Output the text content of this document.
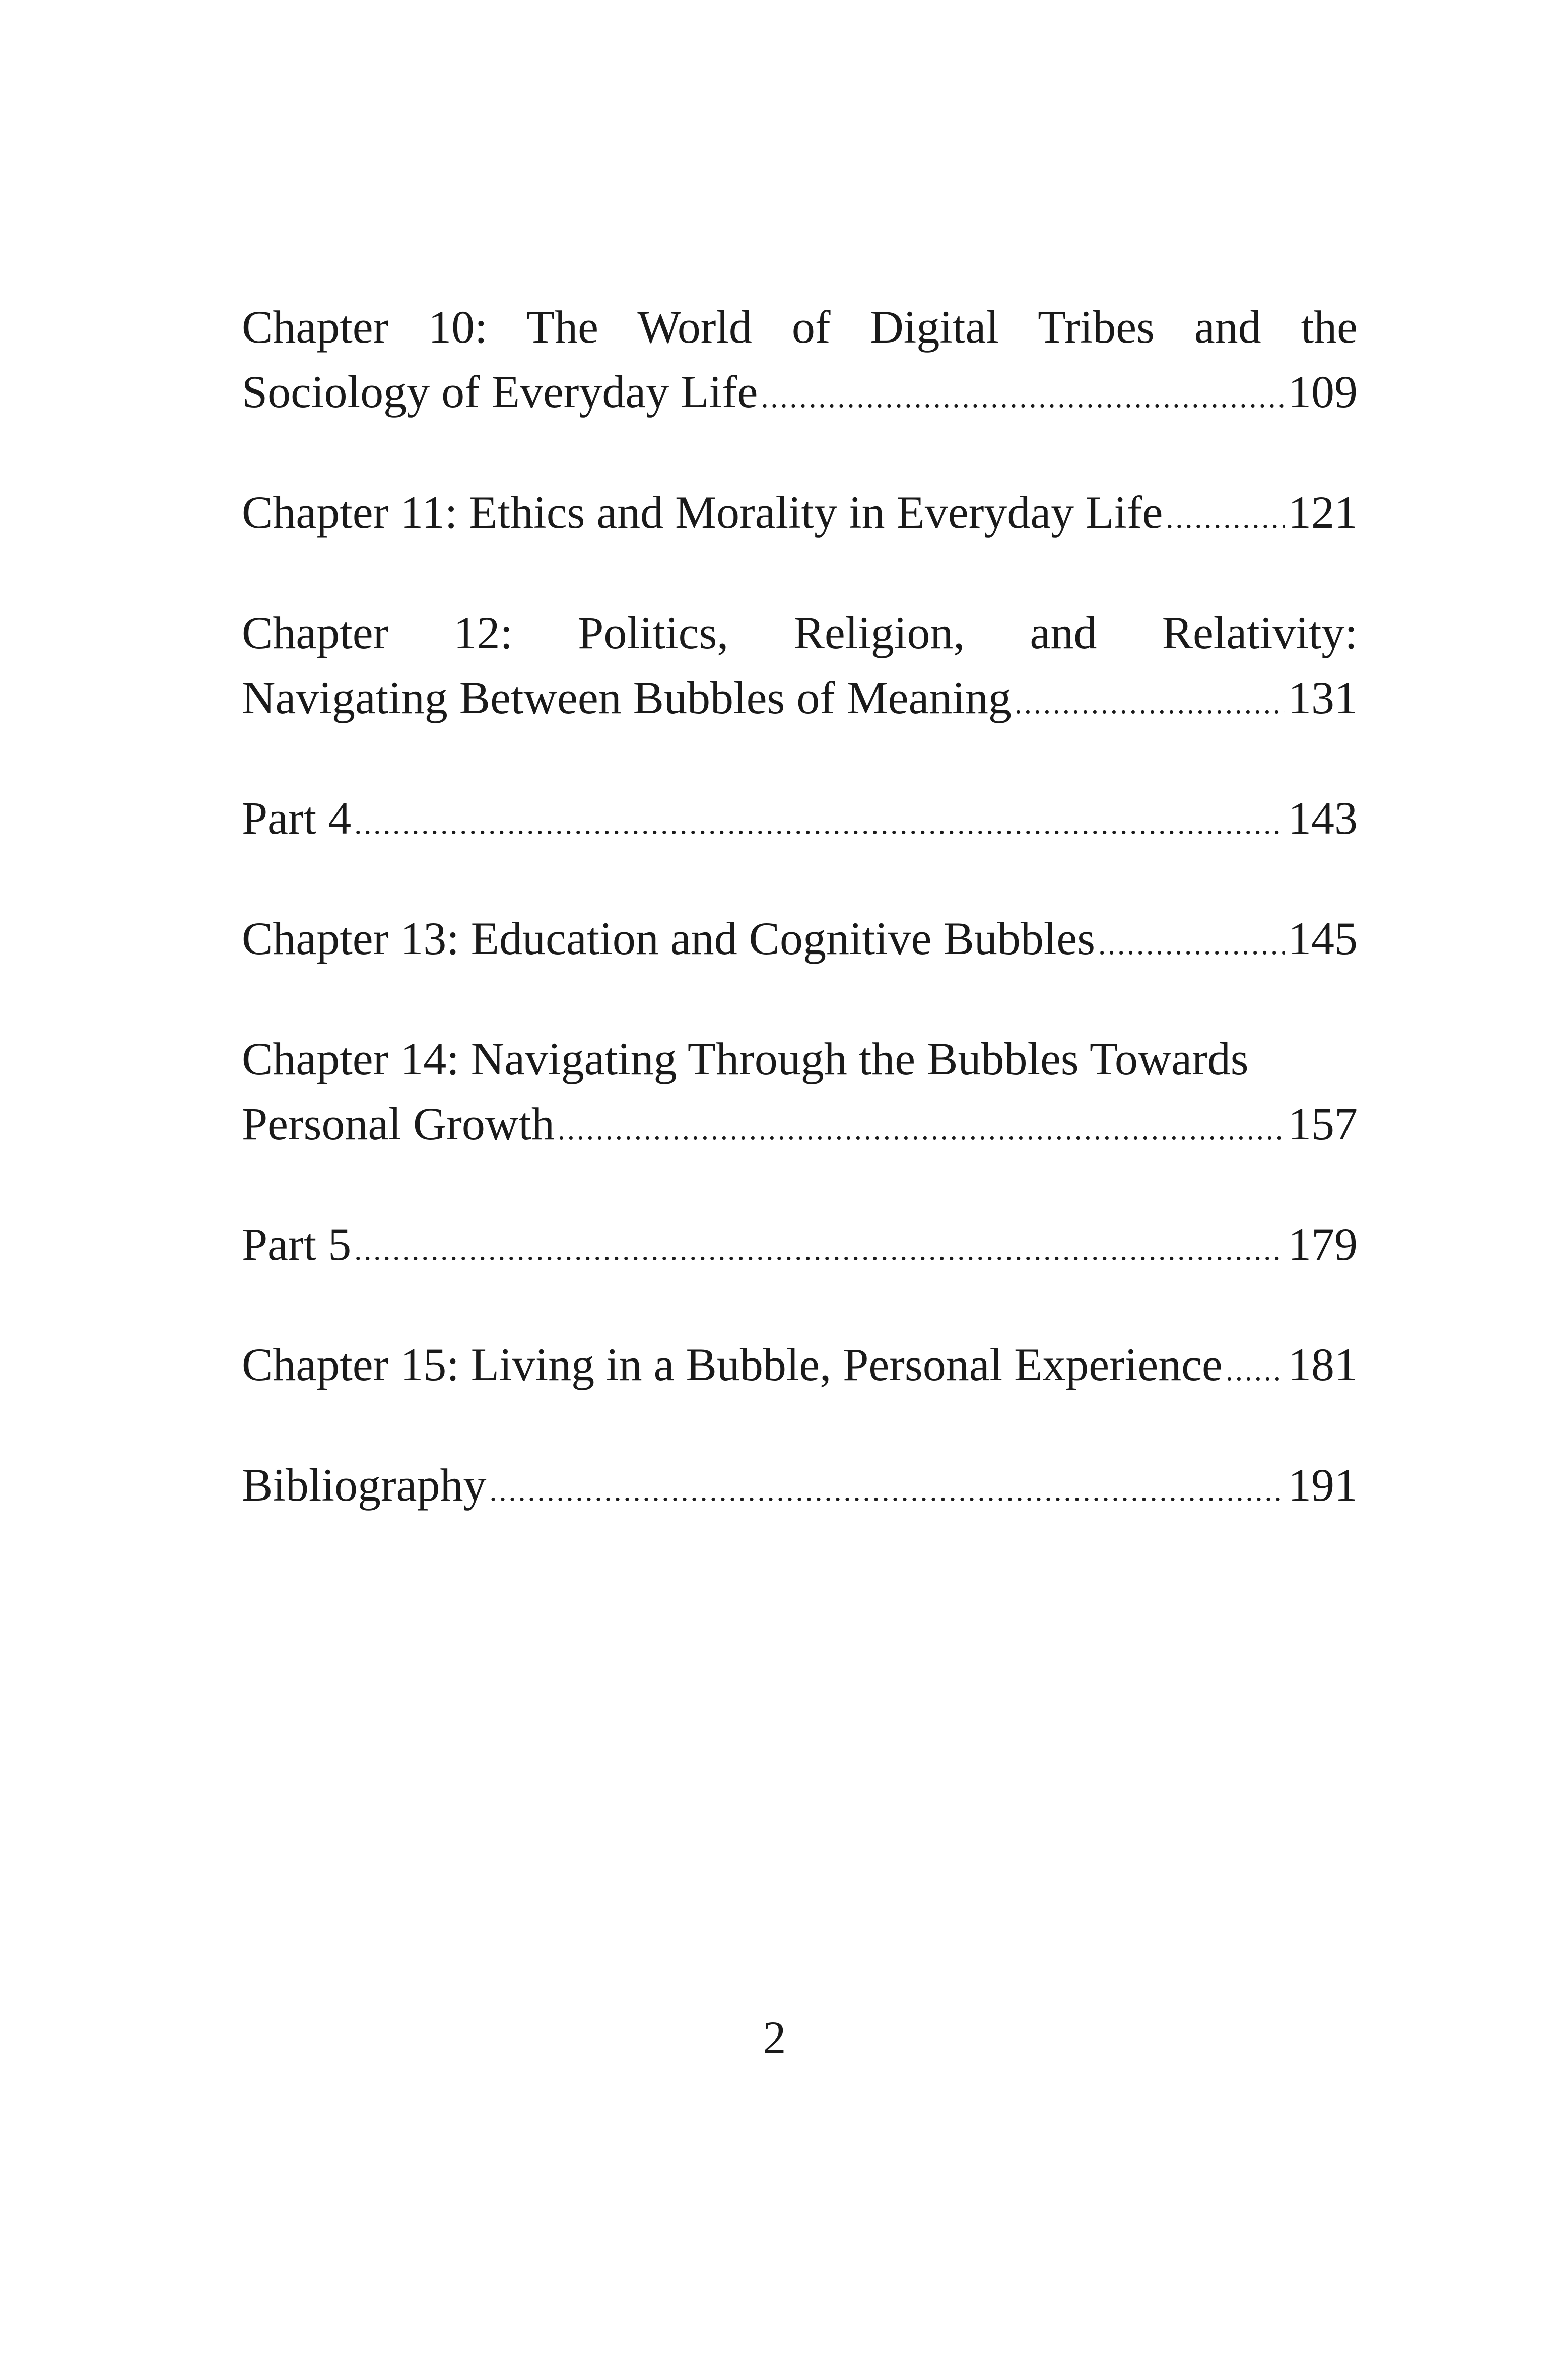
Chapter 10: The World of Digital Tribes and the
Sociology of Everyday Life .....	109
Chapter 11: Ethics and Morality in Everyday Life .....	121
Chapter 12: Politics, Religion, and Relativity:
Navigating Between Bubbles of Meaning .....	131
Part 4 .....	143
Chapter 13: Education and Cognitive Bubbles .....	145
Chapter 14: Navigating Through the Bubbles Towards
Personal Growth .....	157
Part 5 .....	179
Chapter 15: Living in a Bubble, Personal Experience ..... 181
Bibliography .....	191
2
